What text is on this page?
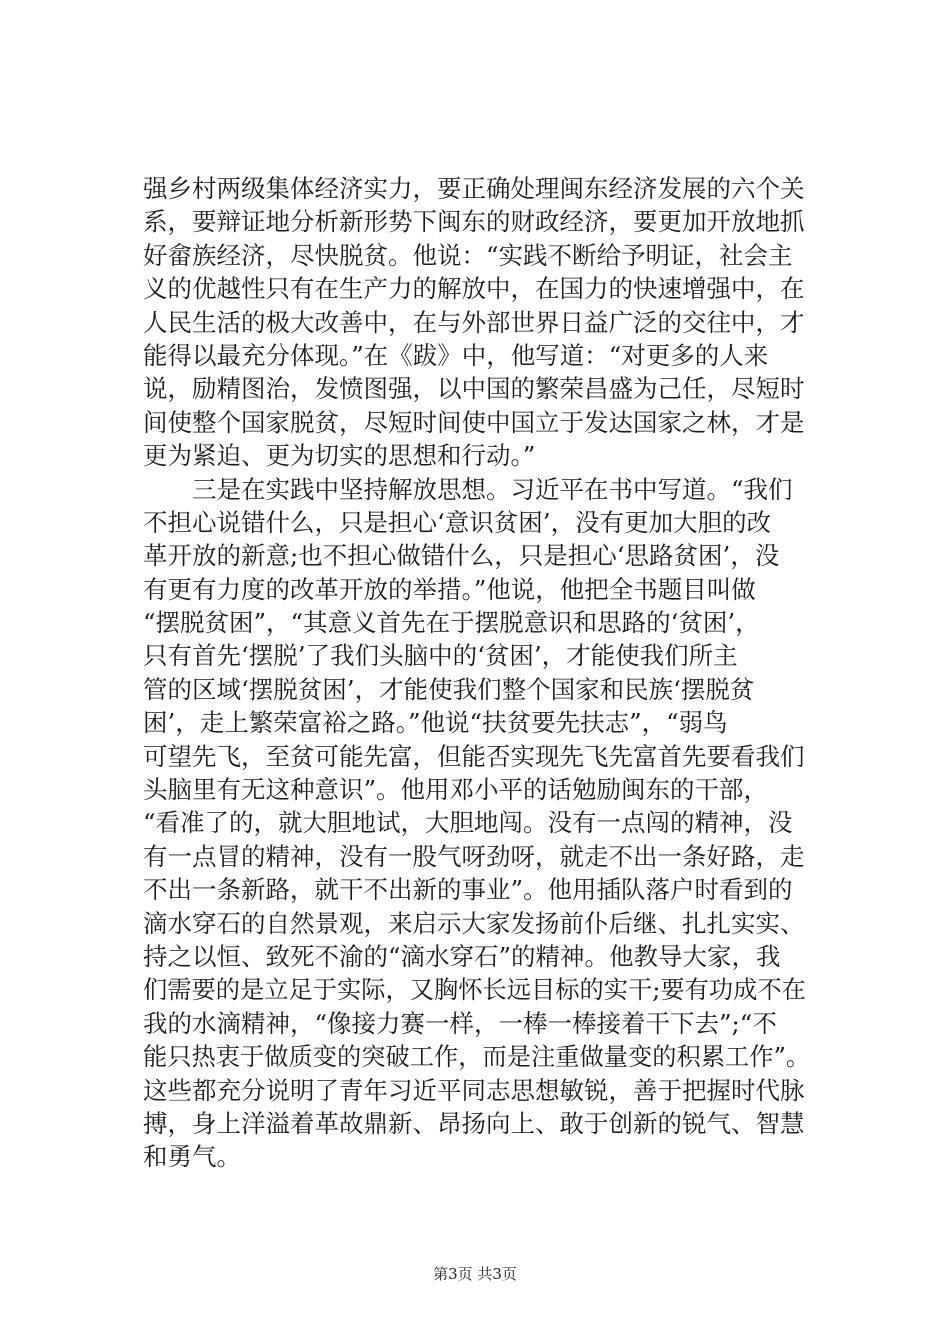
强乡村两级集体经济实力，要正确处理闽东经济发展的六个关
系，要辩证地分析新形势下闽东的财政经济，要更加开放地抓
好畲族经济，尽快脱贫。他说：“实践不断给予明证，社会主
义的优越性只有在生产力的解放中，在国力的快速增强中，在
人民生活的极大改善中，在与外部世界日益广泛的交往中，才
能得以最充分体现。”在《跋》中，他写道：“对更多的人来
说，励精图治，发愤图强，以中国的繁荣昌盛为己任，尽短时
间使整个国家脱贫，尽短时间使中国立于发达国家之林，才是
更为紧迫、更为切实的思想和行动。”
　　三是在实践中坚持解放思想。习近平在书中写道。“我们
不担心说错什么，只是担心‘意识贫困’，没有更加大胆的改
革开放的新意;也不担心做错什么，只是担心‘思路贫困’，没
有更有力度的改革开放的举措。”他说，他把全书题目叫做
“摆脱贫困”，“其意义首先在于摆脱意识和思路的‘贫困’，
只有首先‘摆脱’了我们头脑中的‘贫困’，才能使我们所主
管的区域‘摆脱贫困’，才能使我们整个国家和民族‘摆脱贫
困’，走上繁荣富裕之路。”他说“扶贫要先扶志”，“弱鸟
可望先飞，至贫可能先富，但能否实现先飞先富首先要看我们
头脑里有无这种意识”。他用邓小平的话勉励闽东的干部，
“看准了的，就大胆地试，大胆地闯。没有一点闯的精神，没
有一点冒的精神，没有一股气呀劲呀，就走不出一条好路，走
不出一条新路，就干不出新的事业”。他用插队落户时看到的
滴水穿石的自然景观，来启示大家发扬前仆后继、扎扎实实、
持之以恒、致死不渝的“滴水穿石”的精神。他教导大家，我
们需要的是立足于实际，又胸怀长远目标的实干;要有功成不在
我的水滴精神，“像接力赛一样，一棒一棒接着干下去”;“不
能只热衷于做质变的突破工作，而是注重做量变的积累工作”。
这些都充分说明了青年习近平同志思想敏锐，善于把握时代脉
搏，身上洋溢着革故鼎新、昂扬向上、敢于创新的锐气、智慧
和勇气。
第3页 共3页
